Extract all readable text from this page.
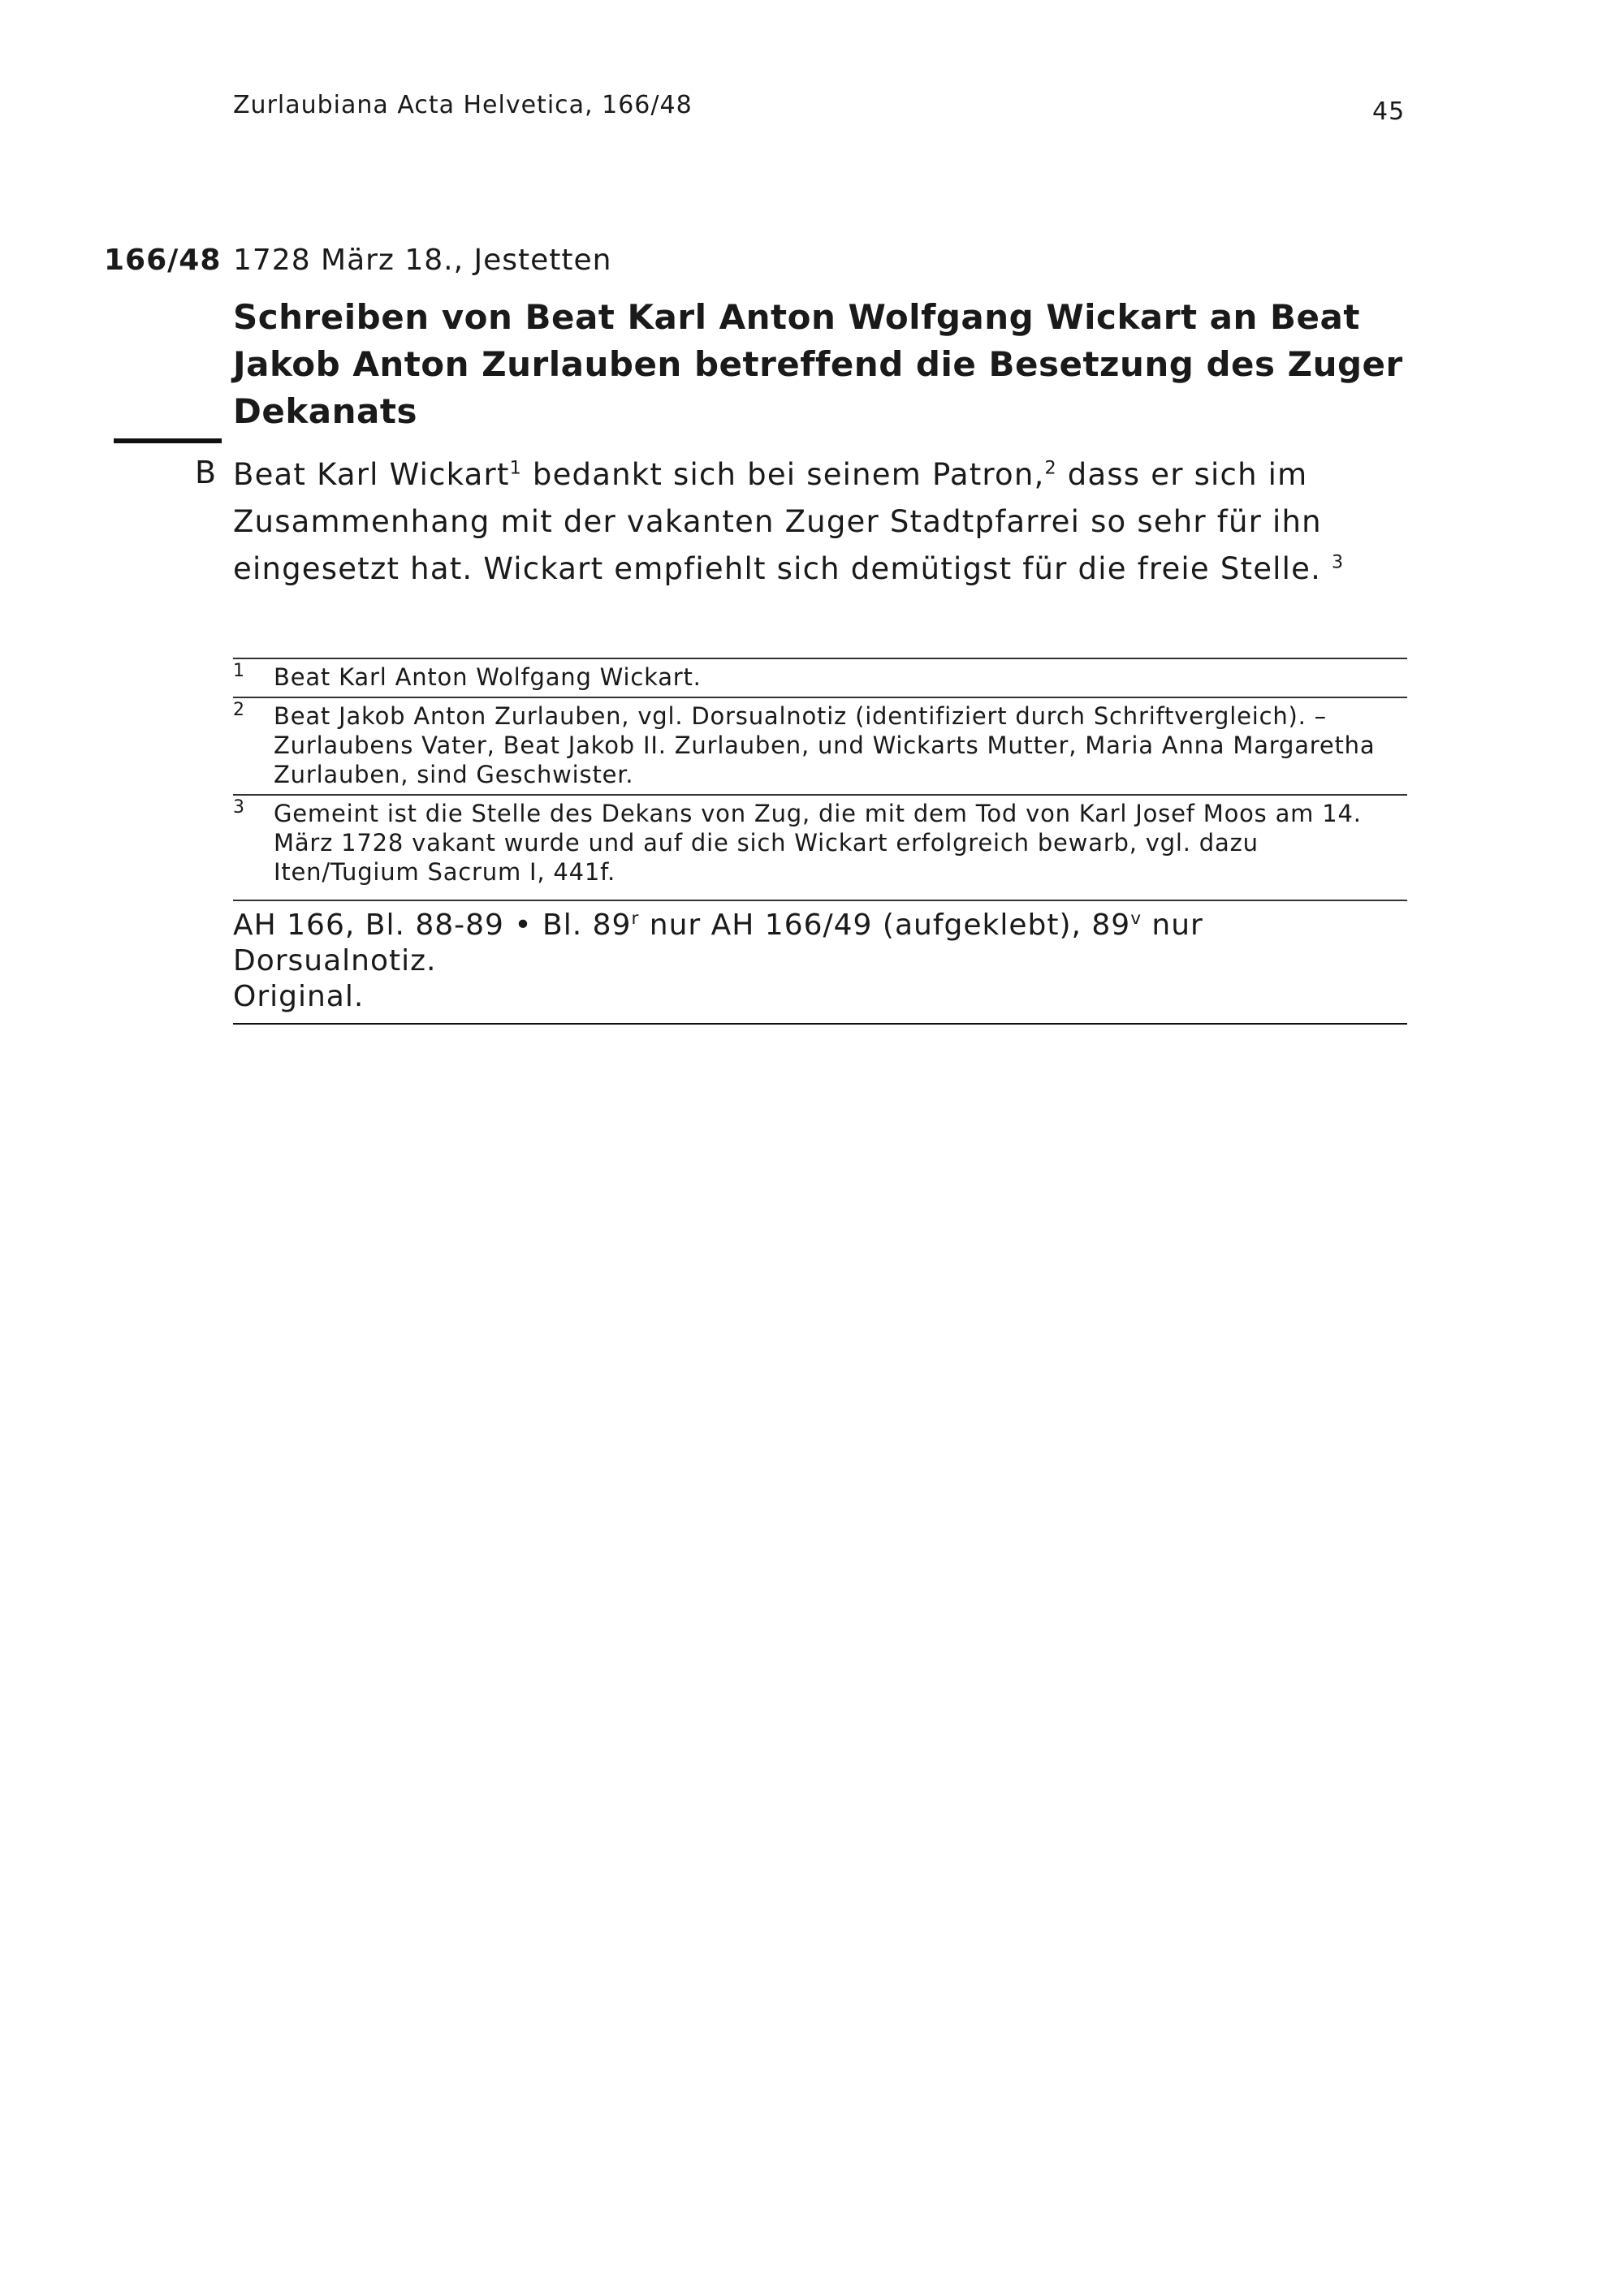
Zurlaubiana Acta Helvetica, 166/48	45
166/48 1728 März 18., Jestetten
Schreiben von Beat Karl Anton Wolfgang Wickart an Beat Jakob Anton Zurlauben betreffend die Besetzung des Zuger Dekanats
B Beat Karl Wickart$^1$ bedankt sich bei seinem Patron,$^2$ dass er sich im Zusammenhang mit der vakanten Zuger Stadtpfarrei so sehr für ihn eingesetzt hat. Wickart empfiehlt sich demütigst für die freie Stelle. $^3$
1 Beat Karl Anton Wolfgang Wickart.
2 Beat Jakob Anton Zurlauben, vgl. Dorsualnotiz (identifiziert durch Schriftvergleich). – Zurlaubens Vater, Beat Jakob II. Zurlauben, und Wickarts Mutter, Maria Anna Margaretha Zurlauben, sind Geschwister.
3 Gemeint ist die Stelle des Dekans von Zug, die mit dem Tod von Karl Josef Moos am 14. März 1728 vakant wurde und auf die sich Wickart erfolgreich bewarb, vgl. dazu Iten/Tugium Sacrum I, 441f.
AH 166, Bl. 88-89 • Bl. 89$^r$ nur AH 166/49 (aufgeklebt), 89$^v$ nur Dorsualnotiz.
Original.
